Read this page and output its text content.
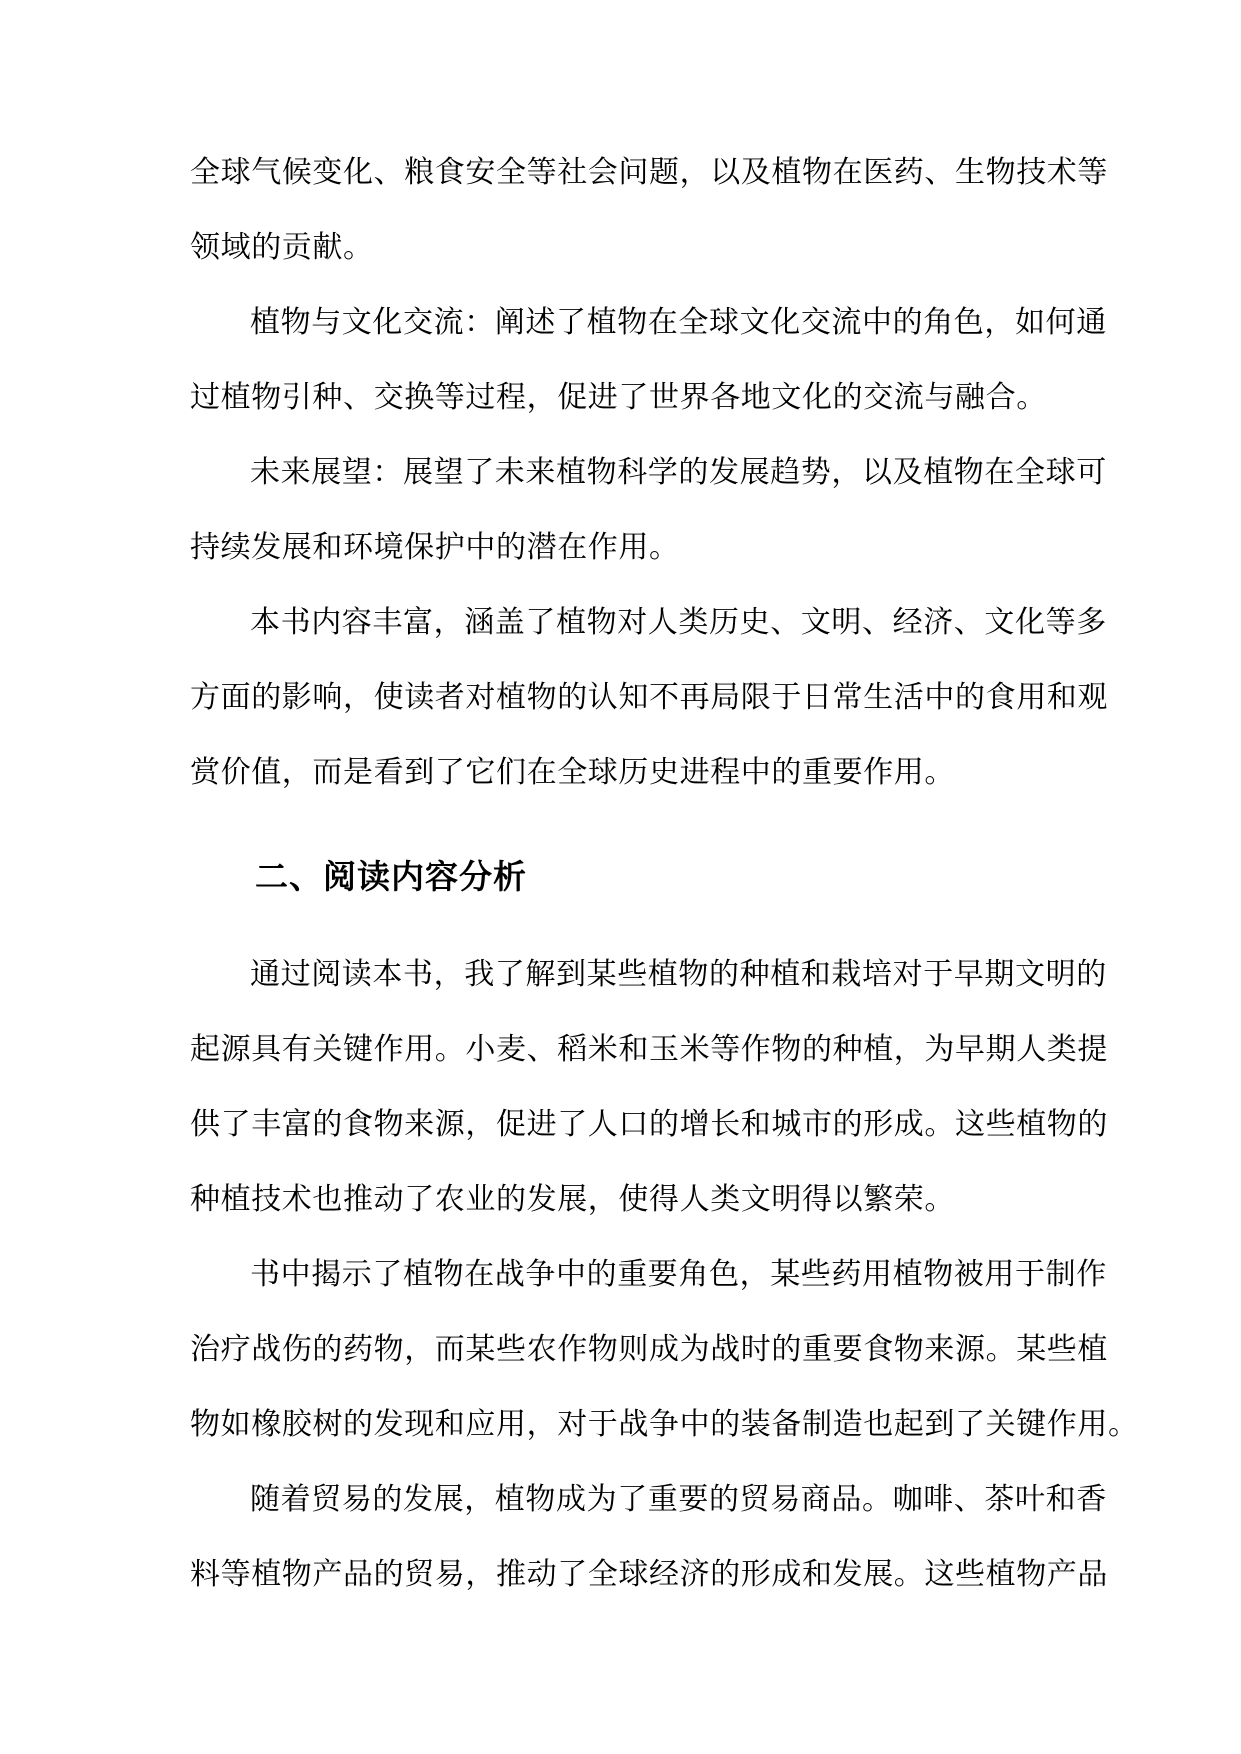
全球气候变化、粮食安全等社会问题，以及植物在医药、生物技术等
领域的贡献。
植物与文化交流：阐述了植物在全球文化交流中的角色，如何通
过植物引种、交换等过程，促进了世界各地文化的交流与融合。
未来展望：展望了未来植物科学的发展趋势，以及植物在全球可
持续发展和环境保护中的潜在作用。
本书内容丰富，涵盖了植物对人类历史、文明、经济、文化等多
方面的影响，使读者对植物的认知不再局限于日常生活中的食用和观
赏价值，而是看到了它们在全球历史进程中的重要作用。
二、阅读内容分析
通过阅读本书，我了解到某些植物的种植和栽培对于早期文明的
起源具有关键作用。小麦、稻米和玉米等作物的种植，为早期人类提
供了丰富的食物来源，促进了人口的增长和城市的形成。这些植物的
种植技术也推动了农业的发展，使得人类文明得以繁荣。
书中揭示了植物在战争中的重要角色，某些药用植物被用于制作
治疗战伤的药物，而某些农作物则成为战时的重要食物来源。某些植
物如橡胶树的发现和应用，对于战争中的装备制造也起到了关键作用。
随着贸易的发展，植物成为了重要的贸易商品。咖啡、茶叶和香
料等植物产品的贸易，推动了全球经济的形成和发展。这些植物产品
